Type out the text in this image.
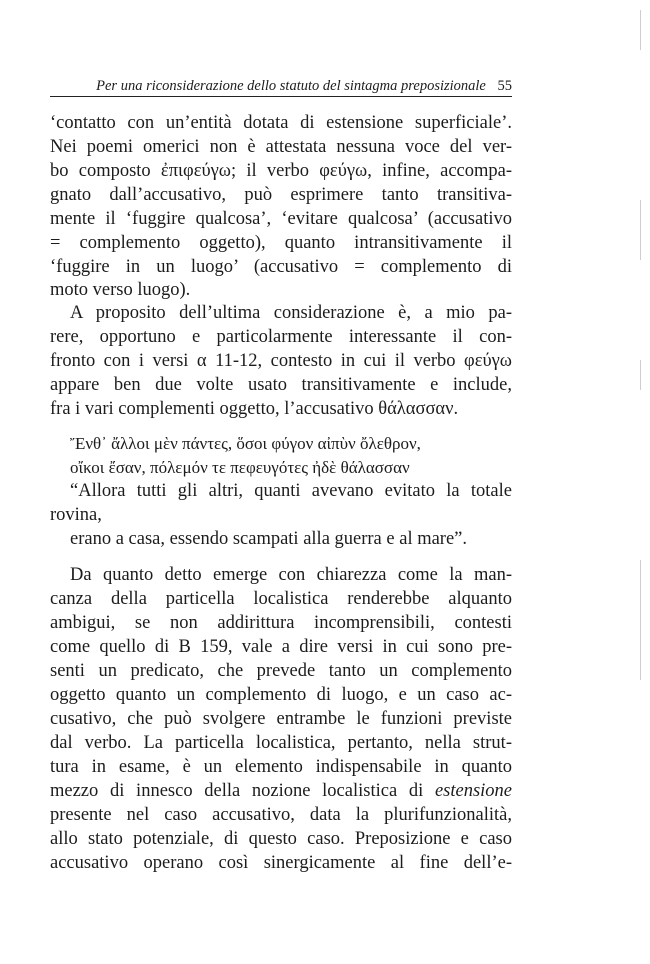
Per una riconsiderazione dello statuto del sintagma preposizionale 55
‘contatto con un’entità dotata di estensione superficiale’.
Nei poemi omerici non è attestata nessuna voce del ver-
bo composto ἐπιφεύγω; il verbo φεύγω, infine, accompa-
gnato dall’accusativo, può esprimere tanto transitiva-
mente il ‘fuggire qualcosa’, ‘evitare qualcosa’ (accusativo
= complemento oggetto), quanto intransitivamente il
‘fuggire in un luogo’ (accusativo = complemento di
moto verso luogo).
A proposito dell’ultima considerazione è, a mio pa-
rere, opportuno e particolarmente interessante il con-
fronto con i versi α 11-12, contesto in cui il verbo φεύγω
appare ben due volte usato transitivamente e include,
fra i vari complementi oggetto, l’accusativo θάλασσαν.
Ἔνθ᾽ ἄλλοι μὲν πάντες, ὅσοι φύγον αἰπὺν ὄλεθρον,
οἴκοι ἔσαν, πόλεμόν τε πεφευγότες ἠδὲ θάλασσαν
“Allora tutti gli altri, quanti avevano evitato la totale
rovina,
erano a casa, essendo scampati alla guerra e al mare”.
Da quanto detto emerge con chiarezza come la man-
canza della particella localistica renderebbe alquanto
ambigui, se non addirittura incomprensibili, contesti
come quello di B 159, vale a dire versi in cui sono pre-
senti un predicato, che prevede tanto un complemento
oggetto quanto un complemento di luogo, e un caso ac-
cusativo, che può svolgere entrambe le funzioni previste
dal verbo. La particella localistica, pertanto, nella strut-
tura in esame, è un elemento indispensabile in quanto
mezzo di innesco della nozione localistica di estensione
presente nel caso accusativo, data la plurifunzionalità,
allo stato potenziale, di questo caso. Preposizione e caso
accusativo operano così sinergicamente al fine dell’e-
